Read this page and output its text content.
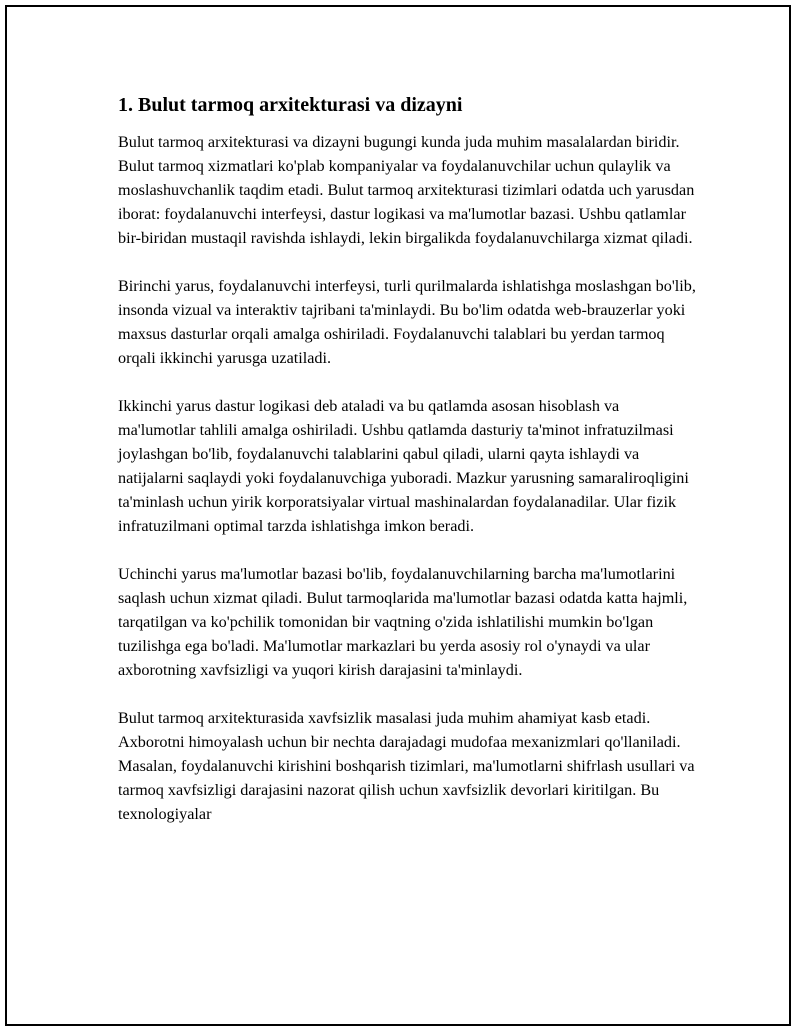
1. Bulut tarmoq arxitekturasi va dizayni

Bulut tarmoq arxitekturasi va dizayni bugungi kunda juda muhim masalalardan biridir. Bulut tarmoq xizmatlari ko'plab kompaniyalar va foydalanuvchilar uchun qulaylik va moslashuvchanlik taqdim etadi. Bulut tarmoq arxitekturasi tizimlari odatda uch yarusdan iborat: foydalanuvchi interfeysi, dastur logikasi va ma'lumotlar bazasi. Ushbu qatlamlar bir-biridan mustaqil ravishda ishlaydi, lekin birgalikda foydalanuvchilarga xizmat qiladi.

Birinchi yarus, foydalanuvchi interfeysi, turli qurilmalarda ishlatishga moslashgan bo'lib, insonda vizual va interaktiv tajribani ta'minlaydi. Bu bo'lim odatda web-brauzerlar yoki maxsus dasturlar orqali amalga oshiriladi. Foydalanuvchi talablari bu yerdan tarmoq orqali ikkinchi yarusga uzatiladi.

Ikkinchi yarus dastur logikasi deb ataladi va bu qatlamda asosan hisoblash va ma'lumotlar tahlili amalga oshiriladi. Ushbu qatlamda dasturiy ta'minot infratuzilmasi joylashgan bo'lib, foydalanuvchi talablarini qabul qiladi, ularni qayta ishlaydi va natijalarni saqlaydi yoki foydalanuvchiga yuboradi. Mazkur yarusning samaraliroqligini ta'minlash uchun yirik korporatsiyalar virtual mashinalardan foydalanadilar. Ular fizik infratuzilmani optimal tarzda ishlatishga imkon beradi.

Uchinchi yarus ma'lumotlar bazasi bo'lib, foydalanuvchilarning barcha ma'lumotlarini saqlash uchun xizmat qiladi. Bulut tarmoqlarida ma'lumotlar bazasi odatda katta hajmli, tarqatilgan va ko'pchilik tomonidan bir vaqtning o'zida ishlatilishi mumkin bo'lgan tuzilishga ega bo'ladi. Ma'lumotlar markazlari bu yerda asosiy rol o'ynaydi va ular axborotning xavfsizligi va yuqori kirish darajasini ta'minlaydi.

Bulut tarmoq arxitekturasida xavfsizlik masalasi juda muhim ahamiyat kasb etadi. Axborotni himoyalash uchun bir nechta darajadagi mudofaa mexanizmlari qo'llaniladi. Masalan, foydalanuvchi kirishini boshqarish tizimlari, ma'lumotlarni shifrlash usullari va tarmoq xavfsizligi darajasini nazorat qilish uchun xavfsizlik devorlari kiritilgan. Bu texnologiyalar
